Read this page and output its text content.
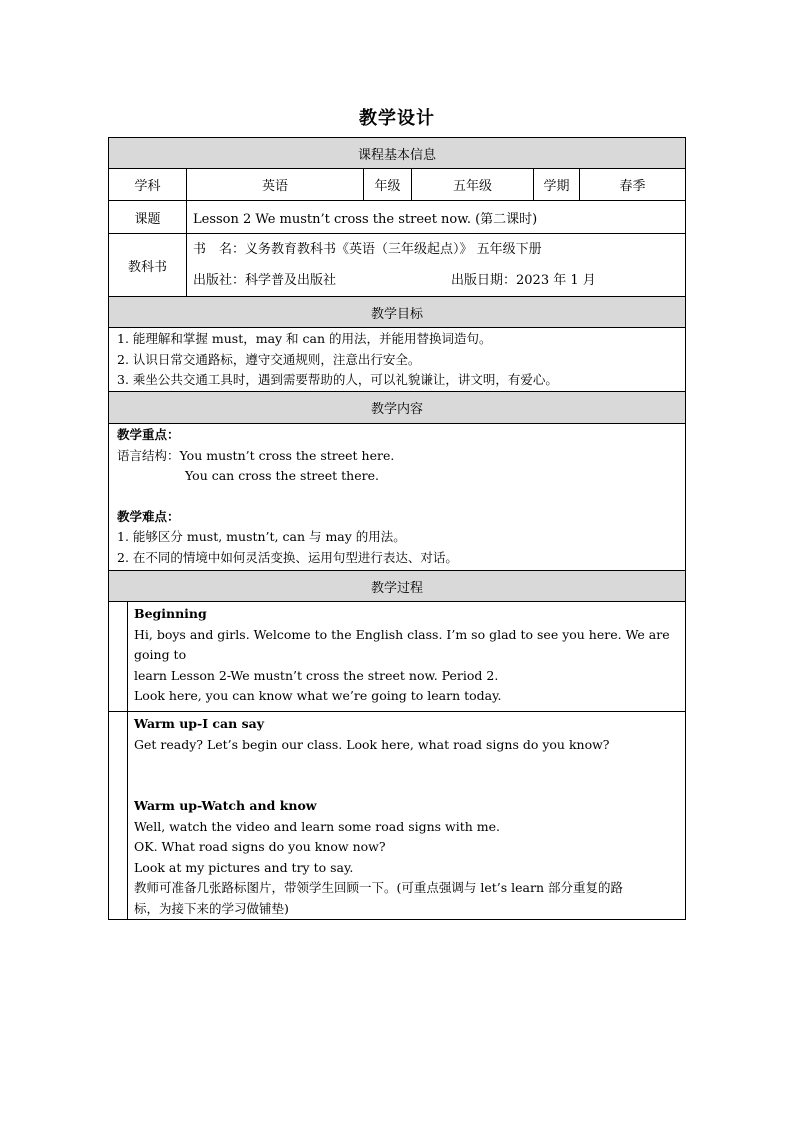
教学设计
课程基本信息
学科	英语	年级	五年级	学期	春季
课题	Lesson 2 We mustn’t cross the street now. (第二课时)
教科书
书　名：义务教育教科书《英语（三年级起点）》 五年级下册
出版社：科学普及出版社	出版日期：2023 年 1 月
教学目标

1. 能理解和掌握 must，may 和 can 的用法，并能用替换词造句。

2. 认识日常交通路标，遵守交通规则，注意出行安全。

3. 乘坐公共交通工具时，遇到需要帮助的人，可以礼貌谦让，讲文明，有爱心。

教学内容

教学重点：

语言结构：You mustn’t cross the street here.

You can cross the street there.

教学难点：

1. 能够区分 must, mustn’t, can 与 may 的用法。

2. 在不同的情境中如何灵活变换、运用句型进行表达、对话。

教学过程

Beginning

Hi, boys and girls. Welcome to the English class. I’m so glad to see you here. We are going to

learn Lesson 2-We mustn’t cross the street now. Period 2.

Look here, you can know what we’re going to learn today.

Warm up-I can say

Get ready? Let’s begin our class. Look here, what road signs do you know?

Warm up-Watch and know

Well, watch the video and learn some road signs with me.

OK. What road signs do you know now?

Look at my pictures and try to say.

教师可准备几张路标图片，带领学生回顾一下。(可重点强调与 let’s learn 部分重复的路

标，为接下来的学习做铺垫)
